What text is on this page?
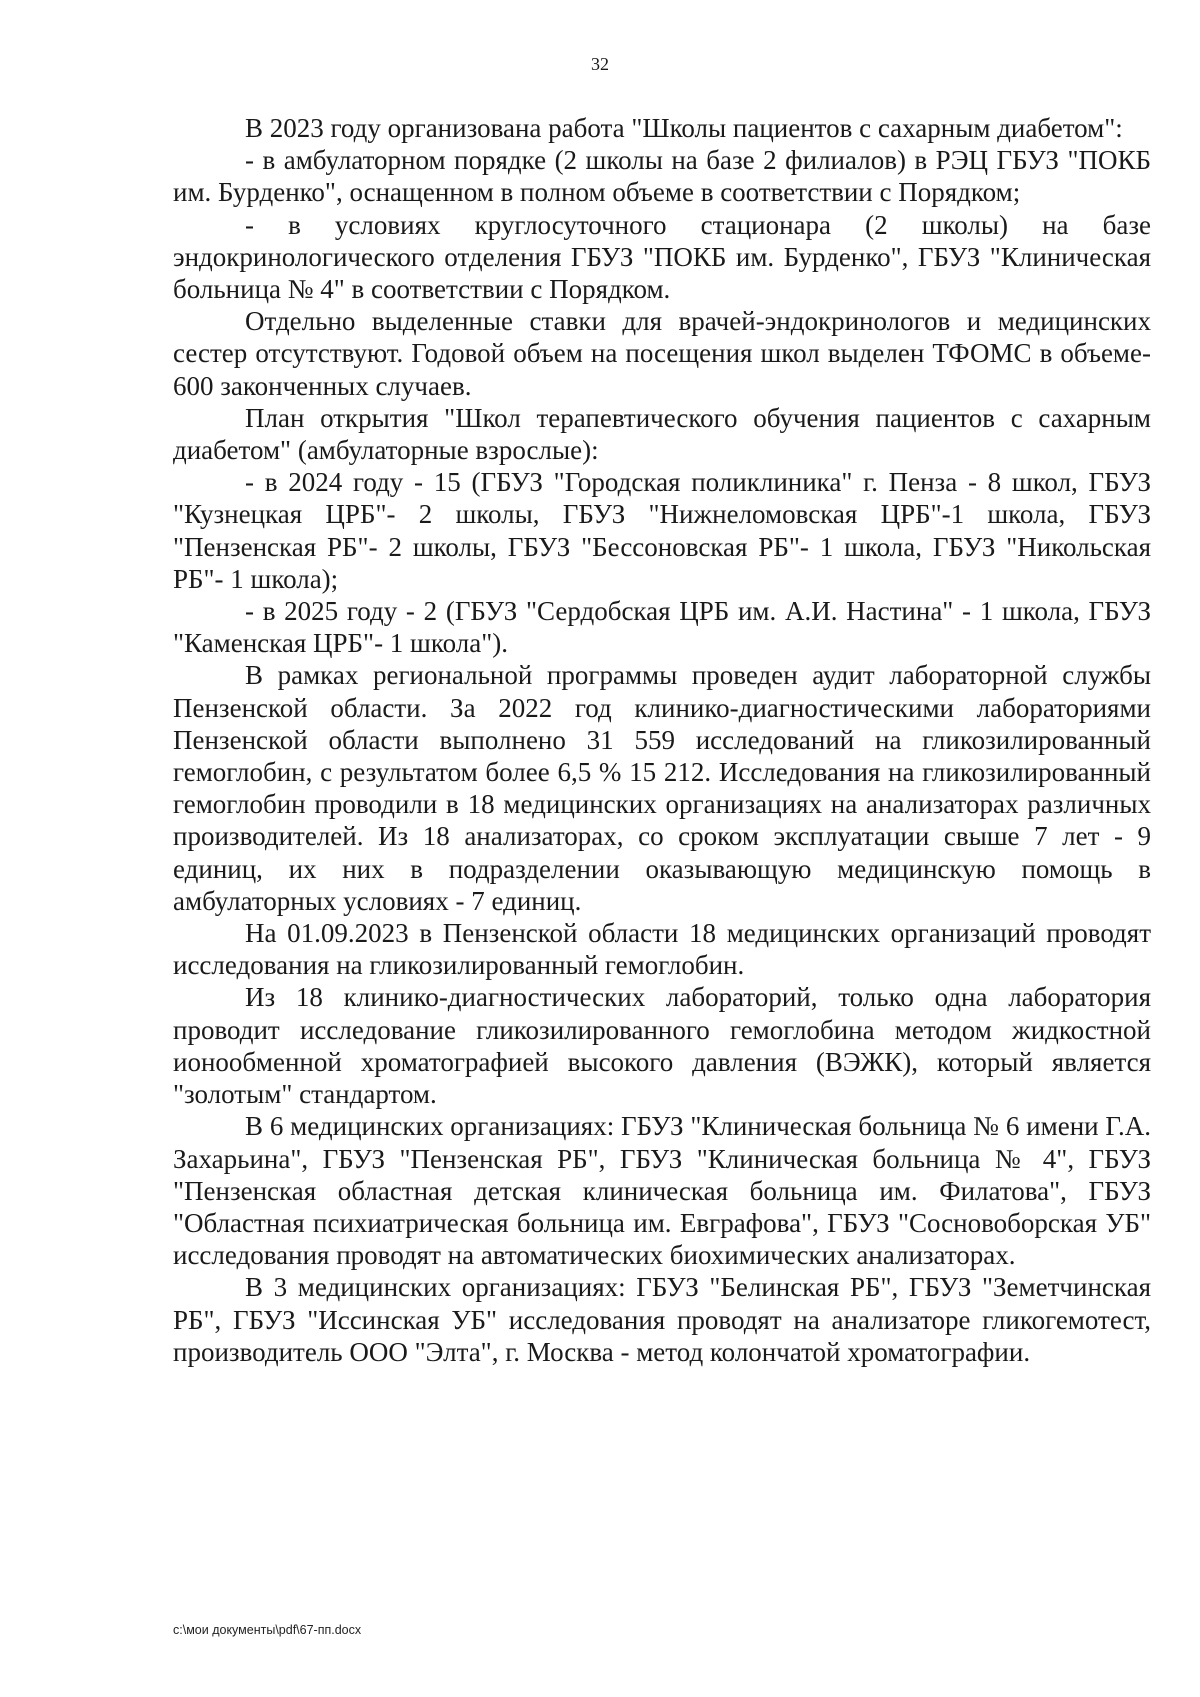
32

В 2023 году организована работа "Школы пациентов с сахарным диабетом":

- в амбулаторном порядке (2 школы на базе 2 филиалов) в РЭЦ ГБУЗ "ПОКБ им. Бурденко", оснащенном в полном объеме в соответствии с Порядком;

- в условиях круглосуточного стационара (2 школы) на базе эндокринологического отделения ГБУЗ "ПОКБ им. Бурденко", ГБУЗ "Клиническая больница № 4" в соответствии с Порядком.

Отдельно выделенные ставки для врачей-эндокринологов и медицинских сестер отсутствуют. Годовой объем на посещения школ выделен ТФОМС в объеме- 600 законченных случаев.

План открытия "Школ терапевтического обучения пациентов с сахарным диабетом" (амбулаторные взрослые):

- в 2024 году - 15 (ГБУЗ "Городская поликлиника" г. Пенза - 8 школ, ГБУЗ "Кузнецкая ЦРБ"- 2 школы, ГБУЗ "Нижнеломовская ЦРБ"-1 школа, ГБУЗ "Пензенская РБ"- 2 школы, ГБУЗ "Бессоновская РБ"- 1 школа, ГБУЗ "Никольская РБ"- 1 школа);

- в 2025 году - 2 (ГБУЗ "Сердобская ЦРБ им. А.И. Настина" - 1 школа, ГБУЗ "Каменская ЦРБ"- 1 школа").

В рамках региональной программы проведен аудит лабораторной службы Пензенской области. За 2022 год клинико-диагностическими лабораториями Пензенской области выполнено 31 559 исследований на гликозилированный гемоглобин, с результатом более 6,5 % 15 212. Исследования на гликозилированный гемоглобин проводили в 18 медицинских организациях на анализаторах различных производителей. Из 18 анализаторах, со сроком эксплуатации свыше 7 лет - 9 единиц, их них в подразделении оказывающую медицинскую помощь в амбулаторных условиях - 7 единиц.

На 01.09.2023 в Пензенской области 18 медицинских организаций проводят исследования на гликозилированный гемоглобин.

Из 18 клинико-диагностических лабораторий, только одна лаборатория проводит исследование гликозилированного гемоглобина методом жидкостной ионообменной хроматографией высокого давления (ВЭЖК), который является "золотым" стандартом.

В 6 медицинских организациях: ГБУЗ "Клиническая больница № 6 имени Г.А. Захарьина", ГБУЗ "Пензенская РБ", ГБУЗ "Клиническая больница № 4", ГБУЗ "Пензенская областная детская клиническая больница им. Филатова", ГБУЗ "Областная психиатрическая больница им. Евграфова", ГБУЗ "Сосновоборская УБ" исследования проводят на автоматических биохимических анализаторах.

В 3 медицинских организациях: ГБУЗ "Белинская РБ", ГБУЗ "Земетчинская РБ", ГБУЗ "Иссинская УБ" исследования проводят на анализаторе гликогемотест, производитель ООО "Элта", г. Москва - метод колончатой хроматографии.

c:\мои документы\pdf\67-пп.docx
